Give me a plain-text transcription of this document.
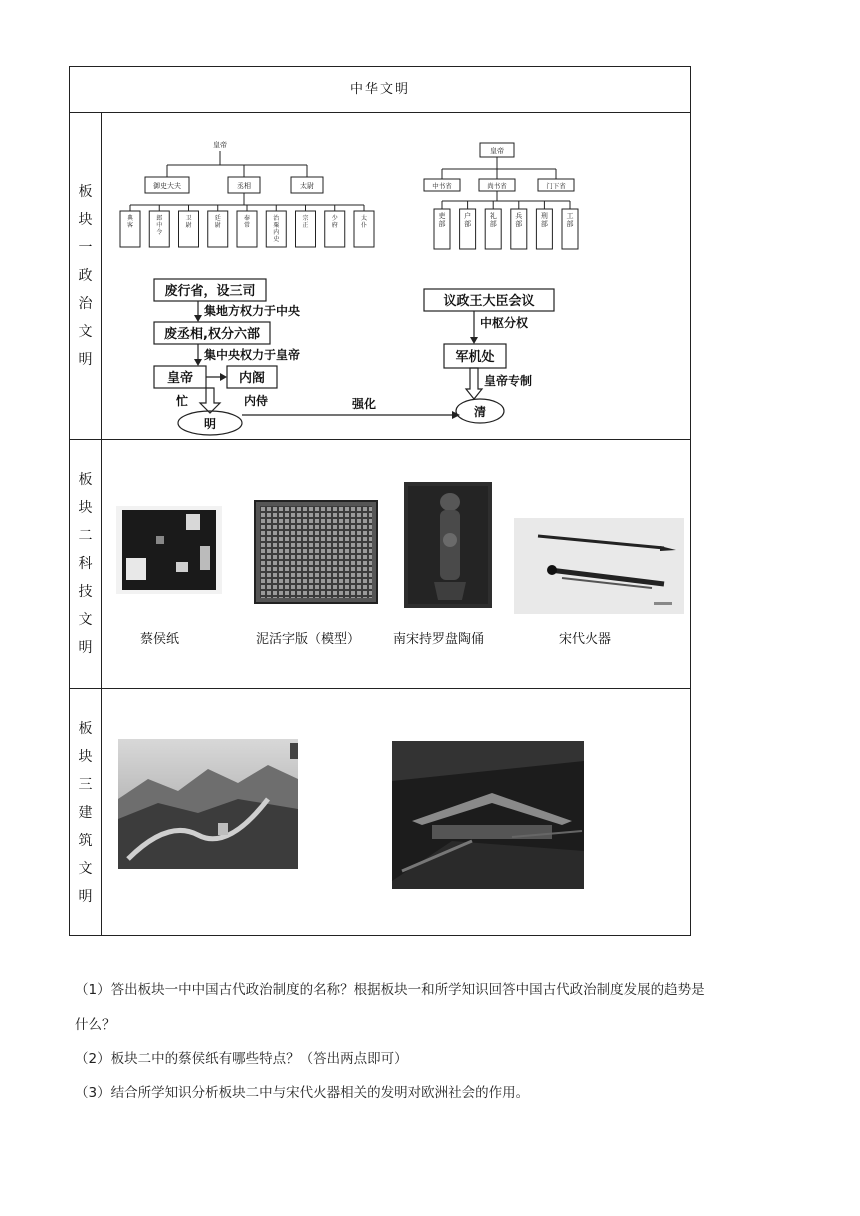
中华文明
板
块
一
政
治
文
明
皇帝
御史大夫	丞相	太尉
典
客
郎
中
令
卫
尉
廷
尉
奉
常
治
粟
内
史
宗
正
少
府
太
仆
皇帝
中书省	尚书省	门下省
吏
部
户
部
礼
部
兵
部
刑
部
工
部
废行省，设三司
集地方权力于中央
废丞相,权分六部
集中央权力于皇帝
皇帝	内阁
忙
明
内侍	强化
议政王大臣会议
中枢分权
军机处
皇帝专制
清
板
块
二
科
技
文
明
蔡侯纸	泥活字版（模型）	南宋持罗盘陶俑	宋代火器
板
块
三
建
筑
文
明
（1）答出板块一中中国古代政治制度的名称？根据板块一和所学知识回答中国古代政治制度发展的趋势是
什么？
（2）板块二中的蔡侯纸有哪些特点？（答出两点即可）
（3）结合所学知识分析板块二中与宋代火器相关的发明对欧洲社会的作用。
